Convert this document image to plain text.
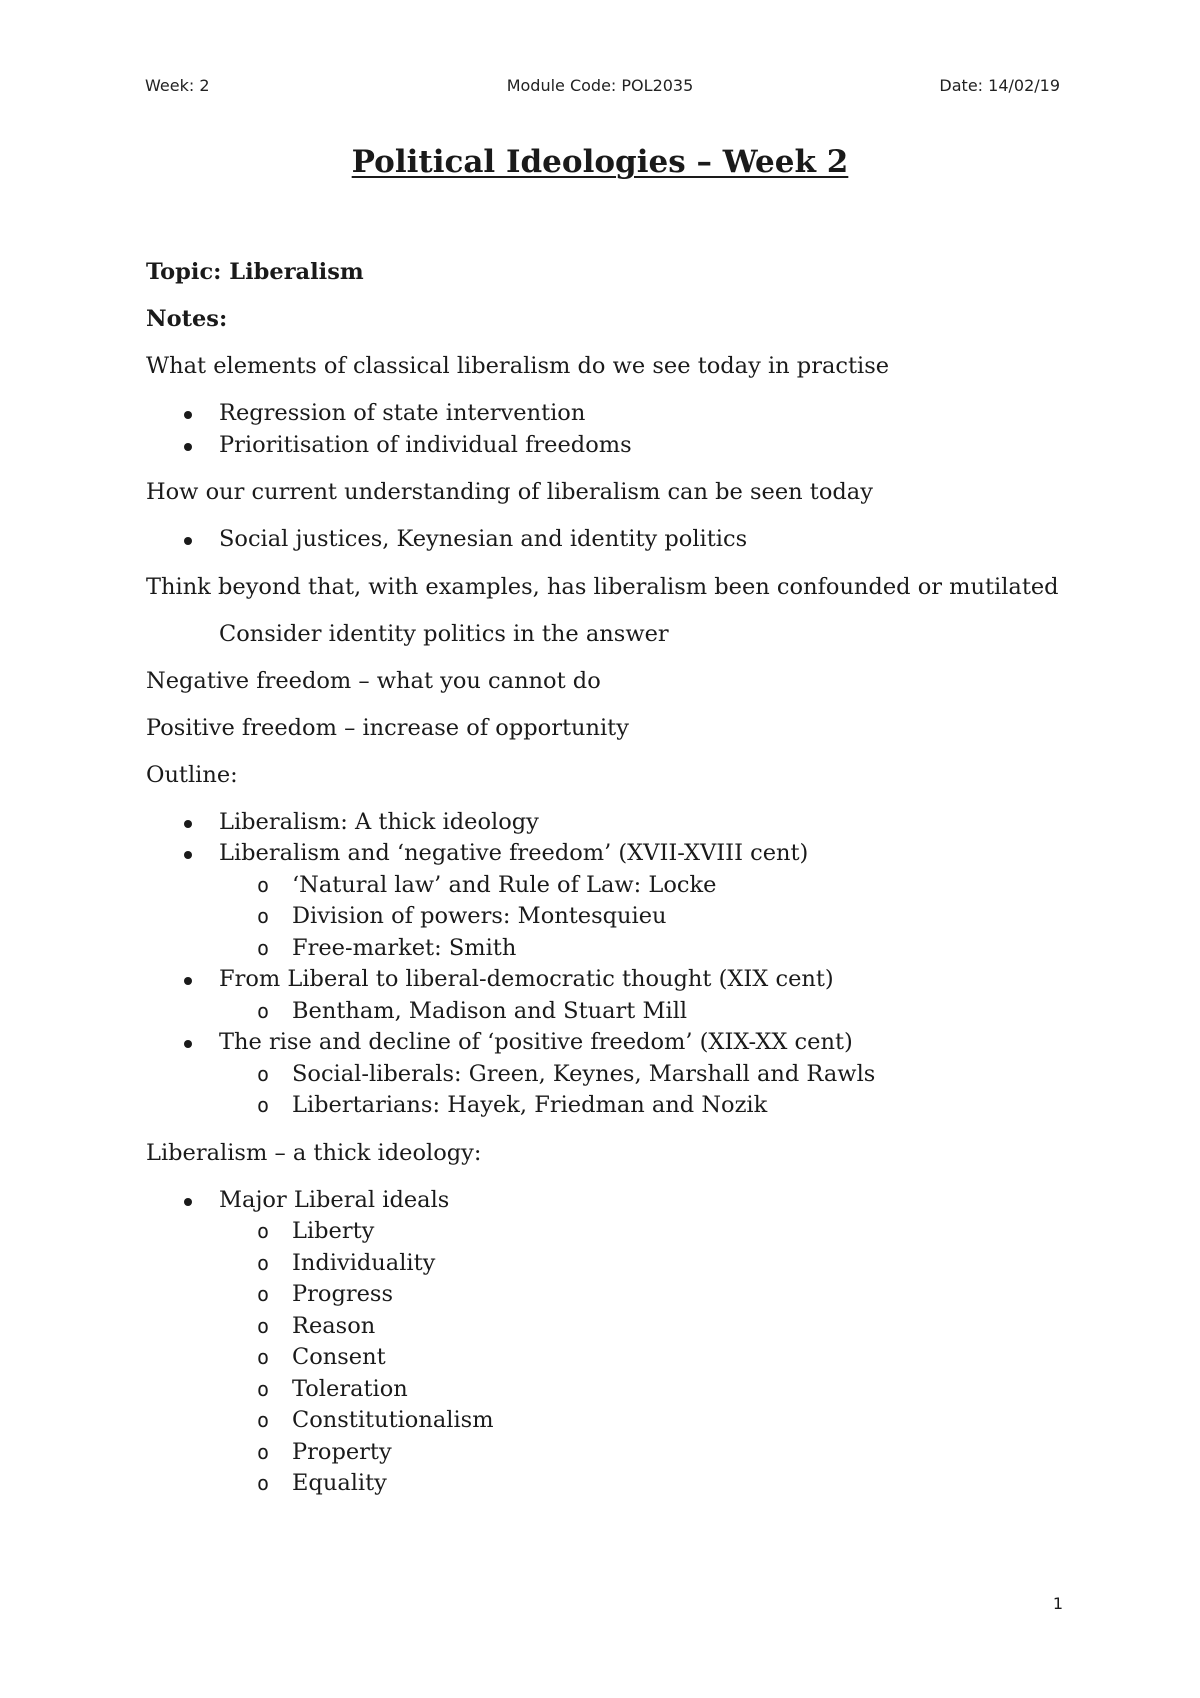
Week: 2	Module Code: POL2035	Date: 14/02/19
Political Ideologies – Week 2
Topic: Liberalism
Notes:
What elements of classical liberalism do we see today in practise
Regression of state intervention
Prioritisation of individual freedoms
How our current understanding of liberalism can be seen today
Social justices, Keynesian and identity politics
Think beyond that, with examples, has liberalism been confounded or mutilated
Consider identity politics in the answer
Negative freedom – what you cannot do
Positive freedom – increase of opportunity
Outline:
Liberalism: A thick ideology
Liberalism and ‘negative freedom’ (XVII-XVIII cent)
o ‘Natural law’ and Rule of Law: Locke
o Division of powers: Montesquieu
o Free-market: Smith
From Liberal to liberal-democratic thought (XIX cent)
o Bentham, Madison and Stuart Mill
The rise and decline of ‘positive freedom’ (XIX-XX cent)
o Social-liberals: Green, Keynes, Marshall and Rawls
o Libertarians: Hayek, Friedman and Nozik
Liberalism – a thick ideology:
Major Liberal ideals
o Liberty
o Individuality
o Progress
o Reason
o Consent
o Toleration
o Constitutionalism
o Property
o Equality
1
